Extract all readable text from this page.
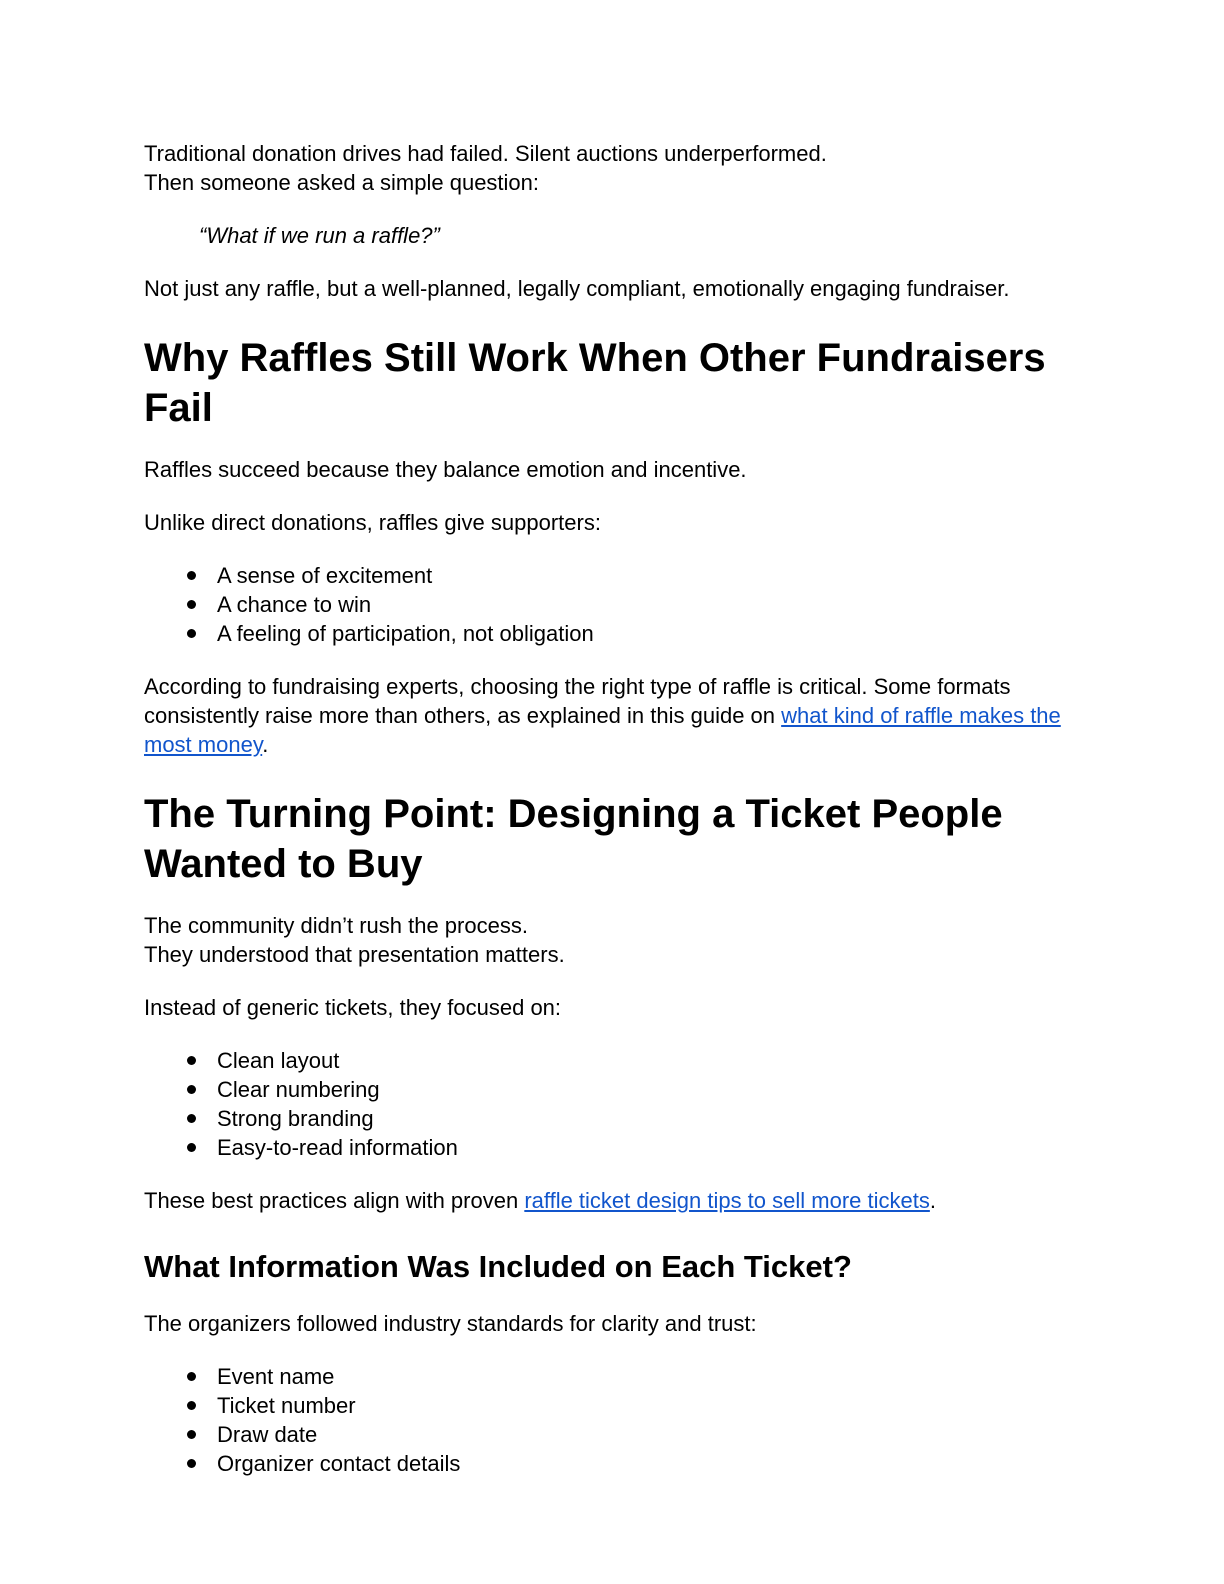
Traditional donation drives had failed. Silent auctions underperformed.
Then someone asked a simple question:

“What if we run a raffle?”

Not just any raffle, but a well-planned, legally compliant, emotionally engaging fundraiser.

Why Raffles Still Work When Other Fundraisers Fail

Raffles succeed because they balance emotion and incentive.

Unlike direct donations, raffles give supporters:

A sense of excitement
A chance to win
A feeling of participation, not obligation

According to fundraising experts, choosing the right type of raffle is critical. Some formats consistently raise more than others, as explained in this guide on what kind of raffle makes the most money.

The Turning Point: Designing a Ticket People Wanted to Buy

The community didn’t rush the process.
They understood that presentation matters.

Instead of generic tickets, they focused on:

Clean layout
Clear numbering
Strong branding
Easy-to-read information

These best practices align with proven raffle ticket design tips to sell more tickets.

What Information Was Included on Each Ticket?

The organizers followed industry standards for clarity and trust:

Event name
Ticket number
Draw date
Organizer contact details
